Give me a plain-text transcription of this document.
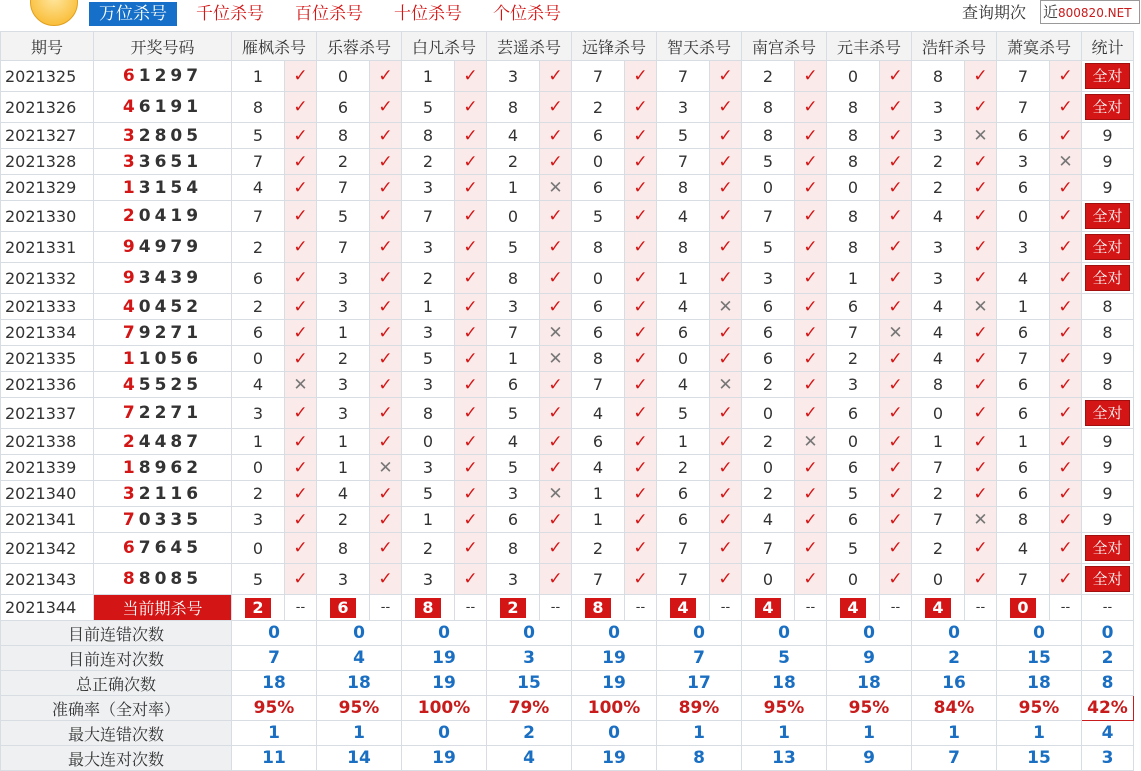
万位杀号	千位杀号 百位杀号 十位杀号 个位杀号	查询期次 近800820.NET
期号	开奖号码	雁枫杀号		乐蓉杀号		白凡杀号		芸遥杀号		远锋杀号		智天杀号		南宫杀号		元丰杀号		浩轩杀号		萧寞杀号		统计
2021325	61297	1	✓	0	✓	1	✓	3	✓	7	✓	7	✓	2	✓	0	✓	8	✓	7	✓	全对
2021326	46191	8	✓	6	✓	5	✓	8	✓	2	✓	3	✓	8	✓	8	✓	3	✓	7	✓	全对
2021327	32805	5	✓	8	✓	8	✓	4	✓	6	✓	5	✓	8	✓	8	✓	3	✕	6	✓	9
2021328	33651	7	✓	2	✓	2	✓	2	✓	0	✓	7	✓	5	✓	8	✓	2	✓	3	✕	9
2021329	13154	4	✓	7	✓	3	✓	1	✕	6	✓	8	✓	0	✓	0	✓	2	✓	6	✓	9
2021330	20419	7	✓	5	✓	7	✓	0	✓	5	✓	4	✓	7	✓	8	✓	4	✓	0	✓	全对
2021331	94979	2	✓	7	✓	3	✓	5	✓	8	✓	8	✓	5	✓	8	✓	3	✓	3	✓	全对
2021332	93439	6	✓	3	✓	2	✓	8	✓	0	✓	1	✓	3	✓	1	✓	3	✓	4	✓	全对
2021333	40452	2	✓	3	✓	1	✓	3	✓	6	✓	4	✕	6	✓	6	✓	4	✕	1	✓	8
2021334	79271	6	✓	1	✓	3	✓	7	✕	6	✓	6	✓	6	✓	7	✕	4	✓	6	✓	8
2021335	11056	0	✓	2	✓	5	✓	1	✕	8	✓	0	✓	6	✓	2	✓	4	✓	7	✓	9
2021336	45525	4	✕	3	✓	3	✓	6	✓	7	✓	4	✕	2	✓	3	✓	8	✓	6	✓	8
2021337	72271	3	✓	3	✓	8	✓	5	✓	4	✓	5	✓	0	✓	6	✓	0	✓	6	✓	全对
2021338	24487	1	✓	1	✓	0	✓	4	✓	6	✓	1	✓	2	✕	0	✓	1	✓	1	✓	9
2021339	18962	0	✓	1	✕	3	✓	5	✓	4	✓	2	✓	0	✓	6	✓	7	✓	6	✓	9
2021340	32116	2	✓	4	✓	5	✓	3	✕	1	✓	6	✓	2	✓	5	✓	2	✓	6	✓	9
2021341	70335	3	✓	2	✓	1	✓	6	✓	1	✓	6	✓	4	✓	6	✓	7	✕	8	✓	9
2021342	67645	0	✓	8	✓	2	✓	8	✓	2	✓	7	✓	7	✓	5	✓	2	✓	4	✓	全对
2021343	88085	5	✓	3	✓	3	✓	3	✓	7	✓	7	✓	0	✓	0	✓	0	✓	7	✓	全对
2021344	当前期杀号	2	--	6	--	8	--	2	--	8	--	4	--	4	--	4	--	4	--	0	--	--
目前连错次数		0		0		0		0		0		0		0		0		0		0		0
目前连对次数		7		4		19		3		19		7		5		9		2		15		2
总正确次数		18		18		19		15		19		17		18		18		16		18		8
准确率（全对率）		95%		95%		100%		79%		100%		89%		95%		95%		84%		95%		42%
最大连错次数		1		1		0		2		0		1		1		1		1		1		4
最大连对次数		11		14		19		4		19		8		13		9		7		15		3
